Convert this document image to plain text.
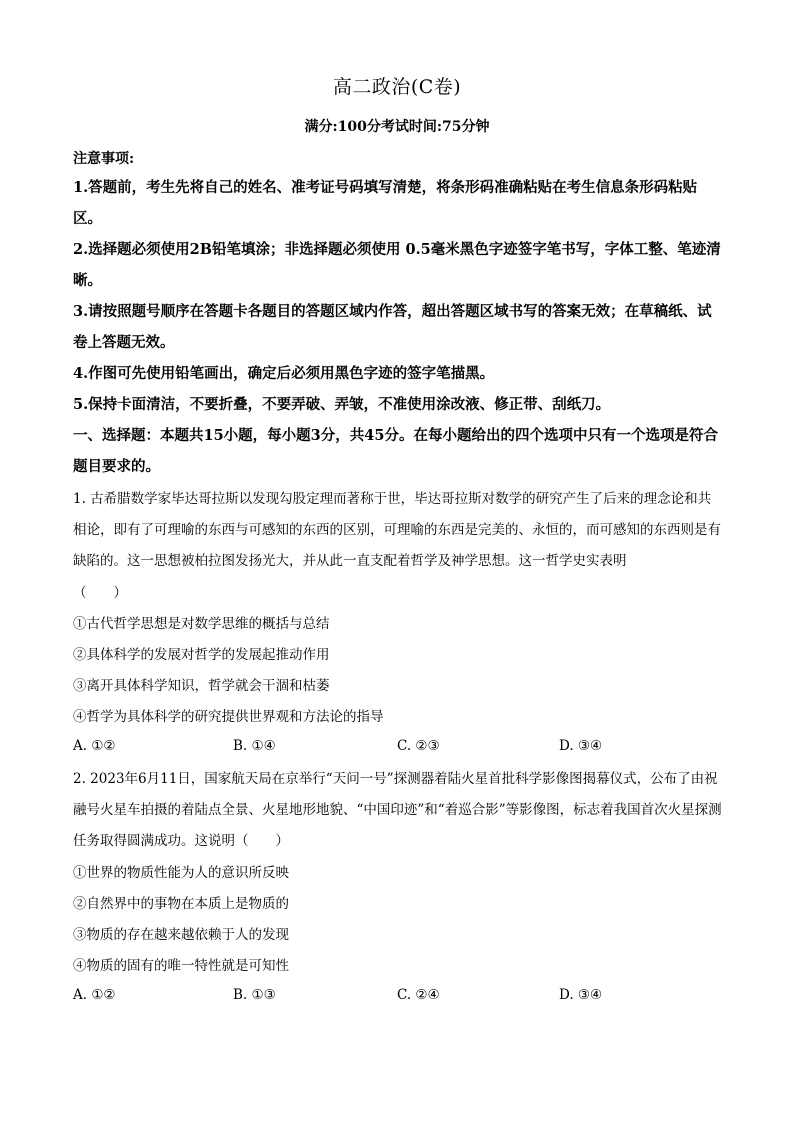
高二政治(C卷)
满分:100分考试时间:75分钟
注意事项:
1.答题前，考生先将自己的姓名、准考证号码填写清楚，将条形码准确粘贴在考生信息条形码粘贴区。
2.选择题必须使用2B铅笔填涂；非选择题必须使用 0.5毫米黑色字迹签字笔书写，字体工整、笔迹清晰。
3.请按照题号顺序在答题卡各题目的答题区域内作答，超出答题区域书写的答案无效；在草稿纸、试卷上答题无效。
4.作图可先使用铅笔画出，确定后必须用黑色字迹的签字笔描黑。
5.保持卡面清洁，不要折叠，不要弄破、弄皱，不准使用涂改液、修正带、刮纸刀。
一、选择题：本题共15小题，每小题3分，共45分。在每小题给出的四个选项中只有一个选项是符合题目要求的。
1. 古希腊数学家毕达哥拉斯以发现勾股定理而著称于世，毕达哥拉斯对数学的研究产生了后来的理念论和共相论，即有了可理喻的东西与可感知的东西的区别，可理喻的东西是完美的、永恒的，而可感知的东西则是有缺陷的。这一思想被柏拉图发扬光大，并从此一直支配着哲学及神学思想。这一哲学史实表明
（　　）
①古代哲学思想是对数学思维的概括与总结
②具体科学的发展对哲学的发展起推动作用
③离开具体科学知识，哲学就会干涸和枯萎
④哲学为具体科学的研究提供世界观和方法论的指导
A. ①②	B. ①④	C. ②③	D. ③④
2. 2023年6月11日，国家航天局在京举行“天问一号”探测器着陆火星首批科学影像图揭幕仪式，公布了由祝融号火星车拍摄的着陆点全景、火星地形地貌、“中国印迹”和“着巡合影”等影像图，标志着我国首次火星探测任务取得圆满成功。这说明（　　）
①世界的物质性能为人的意识所反映
②自然界中的事物在本质上是物质的
③物质的存在越来越依赖于人的发现
④物质的固有的唯一特性就是可知性
A. ①②	B. ①③	C. ②④	D. ③④
